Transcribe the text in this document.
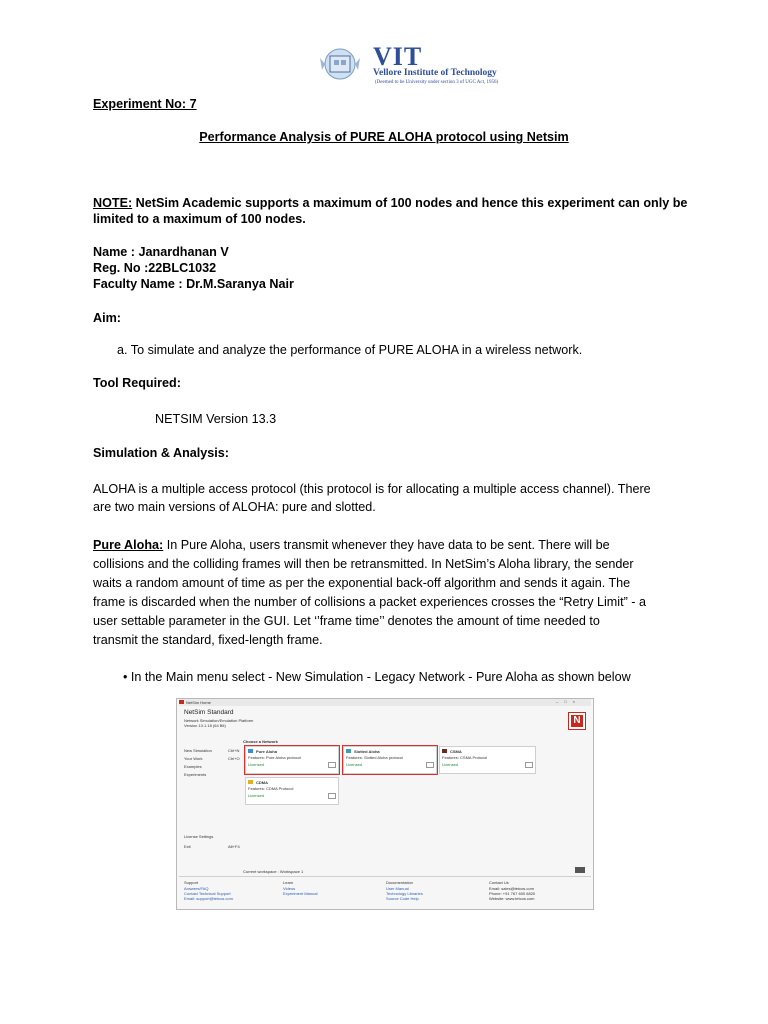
VIT
Vellore Institute of Technology
(Deemed to be University under section 3 of UGC Act, 1956)
Experiment No: 7
Performance Analysis of PURE ALOHA protocol using Netsim
NOTE: NetSim Academic supports a maximum of 100 nodes and hence this experiment can only be
limited to a maximum of 100 nodes.
Name : Janardhanan V
Reg. No :22BLC1032
Faculty Name : Dr.M.Saranya Nair
Aim:
a. To simulate and analyze the performance of PURE ALOHA in a wireless network.
Tool Required:
NETSIM Version 13.3
Simulation & Analysis:
ALOHA is a multiple access protocol (this protocol is for allocating a multiple access channel). There
are two main versions of ALOHA: pure and slotted.
Pure Aloha: In Pure Aloha, users transmit whenever they have data to be sent. There will be
collisions and the colliding frames will then be retransmitted. In NetSim’s Aloha library, the sender
waits a random amount of time as per the exponential back-off algorithm and sends it again. The
frame is discarded when the number of collisions a packet experiences crosses the “Retry Limit” - a
user settable parameter in the GUI. Let ‘’frame time’’ denotes the amount of time needed to
transmit the standard, fixed-length frame.
• In the Main menu select - New Simulation - Legacy Network - Pure Aloha as shown below
NetSim Home	–□×
NetSim Standard
Network Simulation/Emulation Platform
Version 13.1.18 (64 Bit)	N
Choose a Network
New Simulation	Ctrl+N
Your Work	Ctrl+O
Examples
Experiments
Pure Aloha
Features: Pure Aloha protocol
Licensed
Slotted Aloha
Features: Slotted Aloha protocol
Licensed
CSMA
Features: CSMA Protocol
Licensed
CDMA
Features: CDMA Protocol
Licensed
License Settings
Exit	Alt+F4
Current workspace : Workspace 1
Support
Answers/FAQ
Contact Technical Support
Email: support@tetcos.com
Learn
Videos
Experiment Manual
Documentation
User Manual
Technology Libraries
Source Code Help
Contact Us
Email: sales@tetcos.com
Phone: +91 767 600 6820
Website: www.tetcos.com
